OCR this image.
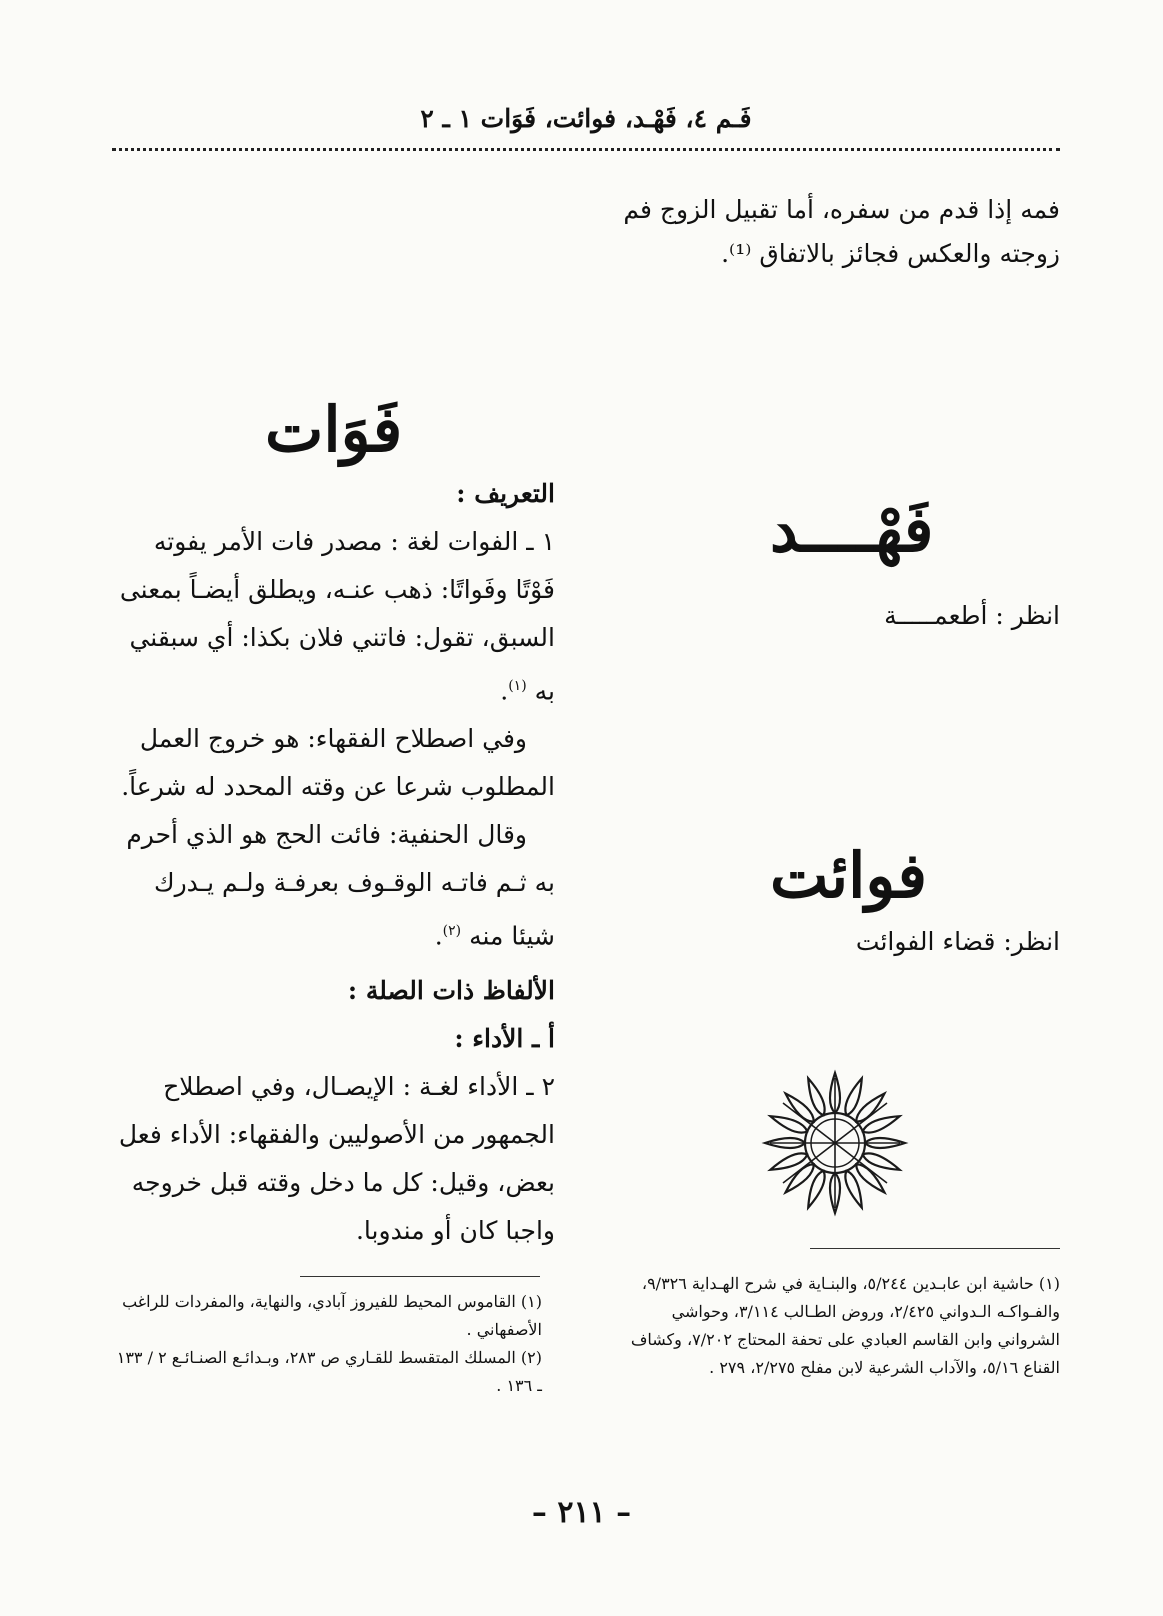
فَـم ٤، فَهْـد، فوائت، فَوَات ١ ـ ٢
فمه إذا قدم من سفره، أما تقبيل الزوج فم
زوجته والعكس فجائز بالاتفاق ⁽¹⁾.
فَهْــــد
انظر : أطعمـــــة
فوائت
انظر: قضاء الفوائت

(١) حاشية ابن عابـدين ٥/٢٤٤، والبنـاية في شرح الهـداية ٩/٣٢٦، والفـواكـه الـدواني ٢/٤٢٥، وروض الطـالب ٣/١١٤، وحواشي الشرواني وابن القاسم العبادي على تحفة المحتاج ٧/٢٠٢، وكشاف القناع ٥/١٦، والآداب الشرعية لابن مفلح ٢/٢٧٥، ٢٧٩ .

فَوَات

التعريف :

١ ـ الفوات لغة : مصدر فات الأمر يفوته فَوْتًا وفَواتًا: ذهب عنـه، ويطلق أيضـاً بمعنى السبق، تقول: فاتني فلان بكذا: أي سبقني به $^{(١)}$.

وفي اصطلاح الفقهاء: هو خروج العمل المطلوب شرعا عن وقته المحدد له شرعاً.

وقال الحنفية: فائت الحج هو الذي أحرم به ثـم فاتـه الوقـوف بعرفـة ولـم يـدرك شيئا منه $^{(٢)}$.

الألفاظ ذات الصلة :

أ ـ الأداء :

٢ ـ الأداء لغـة : الإيصـال، وفي اصطلاح الجمهور من الأصوليين والفقهاء: الأداء فعل بعض، وقيل: كل ما دخل وقته قبل خروجه واجبا كان أو مندوبا.

(١) القاموس المحيط للفيروز آبادي، والنهاية، والمفردات للراغب الأصفهاني .

(٢) المسلك المتقسط للقـاري ص ٢٨٣، وبـدائـع الصنـائـع ٢ / ١٣٣ ـ ١٣٦ .

– ٢١١ –
